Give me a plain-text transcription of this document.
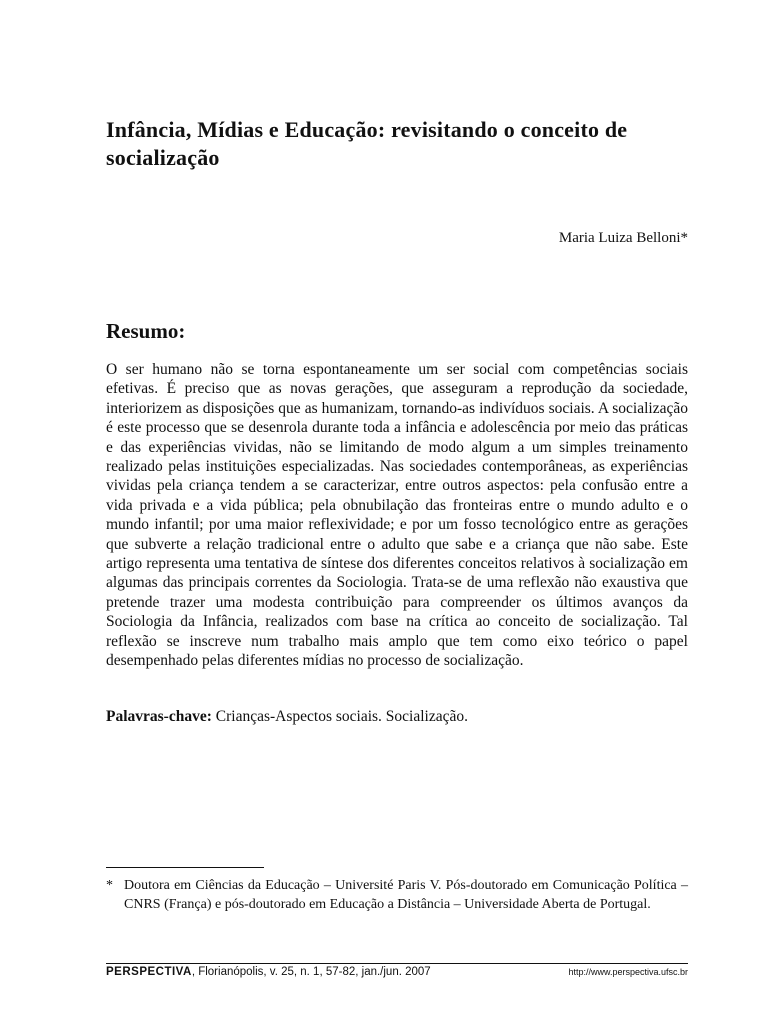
Infância, Mídias e Educação: revisitando o conceito de socialização
Maria Luiza Belloni*
Resumo:

O ser humano não se torna espontaneamente um ser social com competências sociais efetivas. É preciso que as novas gerações, que asseguram a reprodução da sociedade, interiorizem as disposições que as humanizam, tornando-as indivíduos sociais. A socialização é este processo que se desenrola durante toda a infância e adolescência por meio das práticas e das experiências vividas, não se limitando de modo algum a um simples treinamento realizado pelas instituições especializadas. Nas sociedades contemporâneas, as experiências vividas pela criança tendem a se caracterizar, entre outros aspectos: pela confusão entre a vida privada e a vida pública; pela obnubilação das fronteiras entre o mundo adulto e o mundo infantil; por uma maior reflexividade; e por um fosso tecnológico entre as gerações que subverte a relação tradicional entre o adulto que sabe e a criança que não sabe. Este artigo representa uma tentativa de síntese dos diferentes conceitos relativos à socialização em algumas das principais correntes da Sociologia. Trata-se de uma reflexão não exaustiva que pretende trazer uma modesta contribuição para compreender os últimos avanços da Sociologia da Infância, realizados com base na crítica ao conceito de socialização. Tal reflexão se inscreve num trabalho mais amplo que tem como eixo teórico o papel desempenhado pelas diferentes mídias no processo de socialização.

Palavras-chave: Crianças-Aspectos sociais. Socialização.

* Doutora em Ciências da Educação – Université Paris V. Pós-doutorado em Comunicação Política – CNRS (França) e pós-doutorado em Educação a Distância – Universidade Aberta de Portugal.
PERSPECTIVA, Florianópolis, v. 25, n. 1, 57-82, jan./jun. 2007	http://www.perspectiva.ufsc.br
